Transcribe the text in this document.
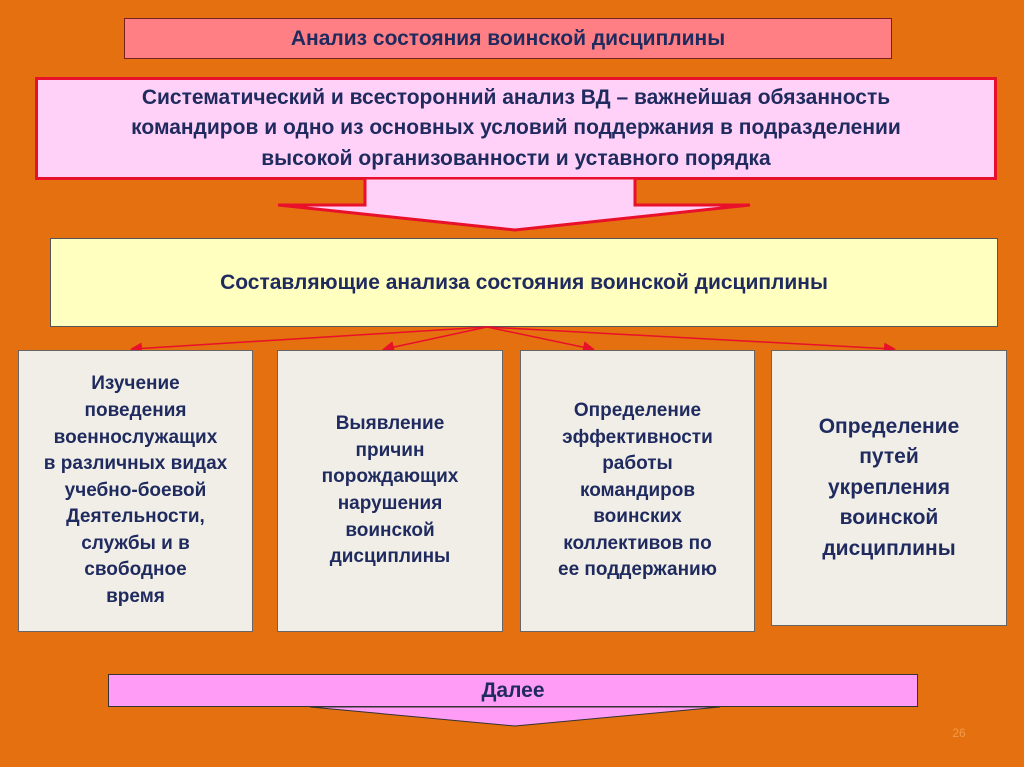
Анализ состояния воинской дисциплины
Систематический и всесторонний анализ ВД – важнейшая обязанность
командиров и одно из основных условий поддержания в подразделении
высокой организованности и уставного порядка
Составляющие анализа состояния воинской дисциплины
Изучение
поведения
военнослужащих
в различных видах
учебно-боевой
Деятельности,
службы и в
свободное
время
Выявление
причин
порождающих
нарушения
воинской
дисциплины
Определение
эффективности
работы
командиров
воинских
коллективов по
ее поддержанию
Определение
путей
укрепления
воинской
дисциплины
Далее
26
